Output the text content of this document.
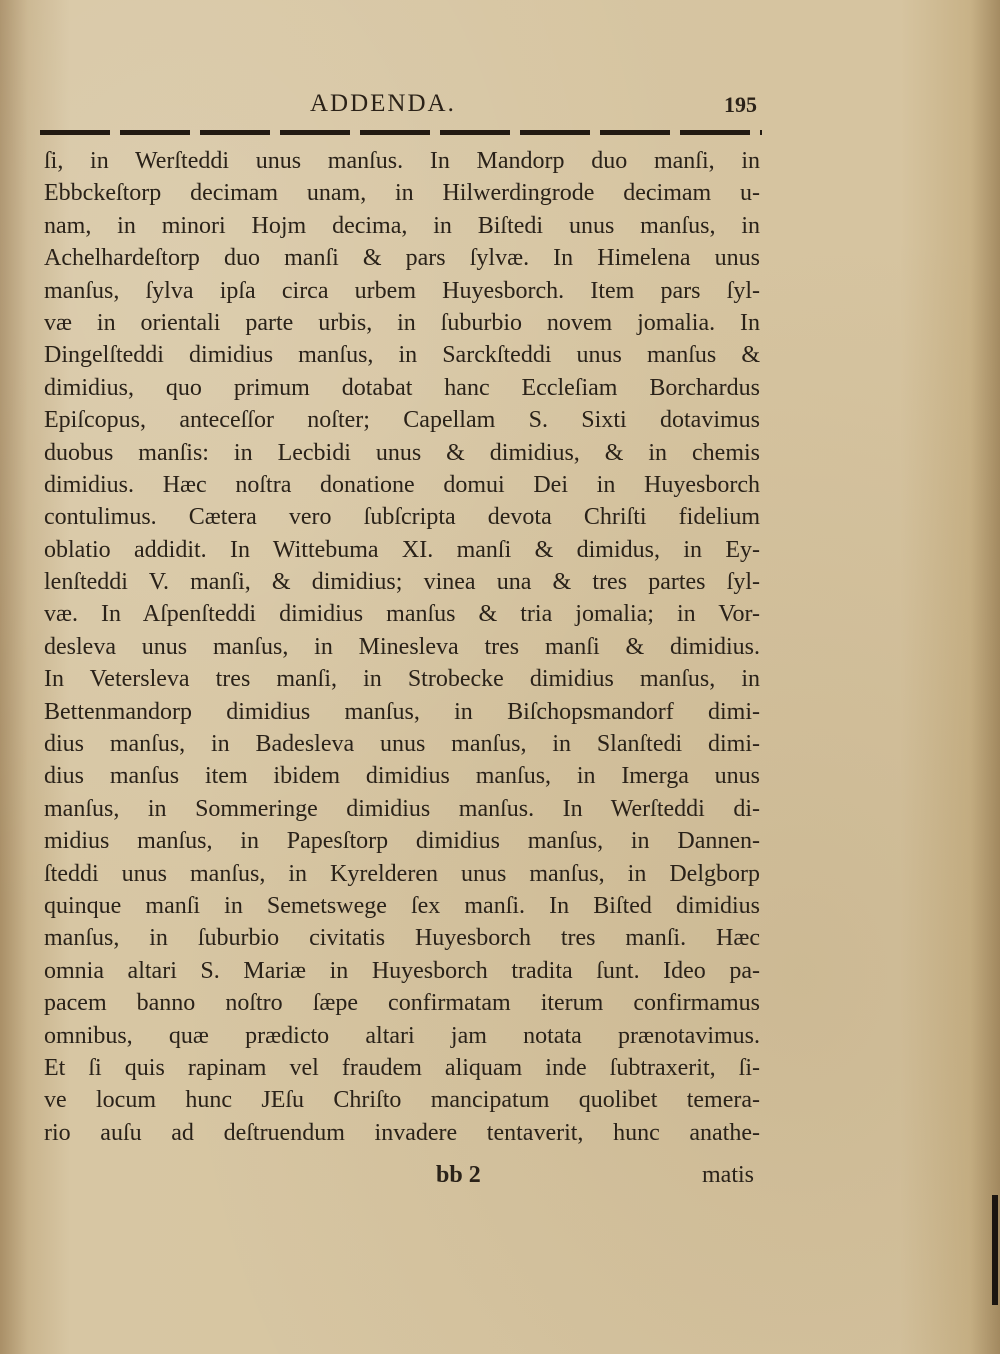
ADDENDA.	195
ſi, in Werſteddi unus manſus. In Mandorp duo manſi, in
Ebbckeſtorp decimam unam, in Hilwerdingrode decimam u-
nam, in minori Hojm decima, in Biſtedi unus manſus, in
Achelhardeſtorp duo manſi & pars ſylvæ. In Himelena unus
manſus, ſylva ipſa circa urbem Huyesborch. Item pars ſyl-
væ in orientali parte urbis, in ſuburbio novem jomalia. In
Dingelſteddi dimidius manſus, in Sarckſteddi unus manſus &
dimidius, quo primum dotabat hanc Eccleſiam Borchardus
Epiſcopus, anteceſſor noſter; Capellam S. Sixti dotavimus
duobus manſis: in Lecbidi unus & dimidius, & in chemis
dimidius. Hæc noſtra donatione domui Dei in Huyesborch
contulimus. Cætera vero ſubſcripta devota Chriſti fidelium
oblatio addidit. In Wittebuma XI. manſi & dimidus, in Ey-
lenſteddi V. manſi, & dimidius; vinea una & tres partes ſyl-
væ. In Aſpenſteddi dimidius manſus & tria jomalia; in Vor-
desleva unus manſus, in Minesleva tres manſi & dimidius.
In Vetersleva tres manſi, in Strobecke dimidius manſus, in
Bettenmandorp dimidius manſus, in Biſchopsmandorf dimi-
dius manſus, in Badesleva unus manſus, in Slanſtedi dimi-
dius manſus item ibidem dimidius manſus, in Imerga unus
manſus, in Sommeringe dimidius manſus. In Werſteddi di-
midius manſus, in Papesſtorp dimidius manſus, in Dannen-
ſteddi unus manſus, in Kyrelderen unus manſus, in Delgborp
quinque manſi in Semetswege ſex manſi. In Biſted dimidius
manſus, in ſuburbio civitatis Huyesborch tres manſi. Hæc
omnia altari S. Mariæ in Huyesborch tradita ſunt. Ideo pa-
pacem banno noſtro ſæpe confirmatam iterum confirmamus
omnibus, quæ prædicto altari jam notata prænotavimus.
Et ſi quis rapinam vel fraudem aliquam inde ſubtraxerit, ſi-
ve locum hunc JEſu Chriſto mancipatum quolibet temera-
rio auſu ad deſtruendum invadere tentaverit, hunc anathe-
bb 2	matis
